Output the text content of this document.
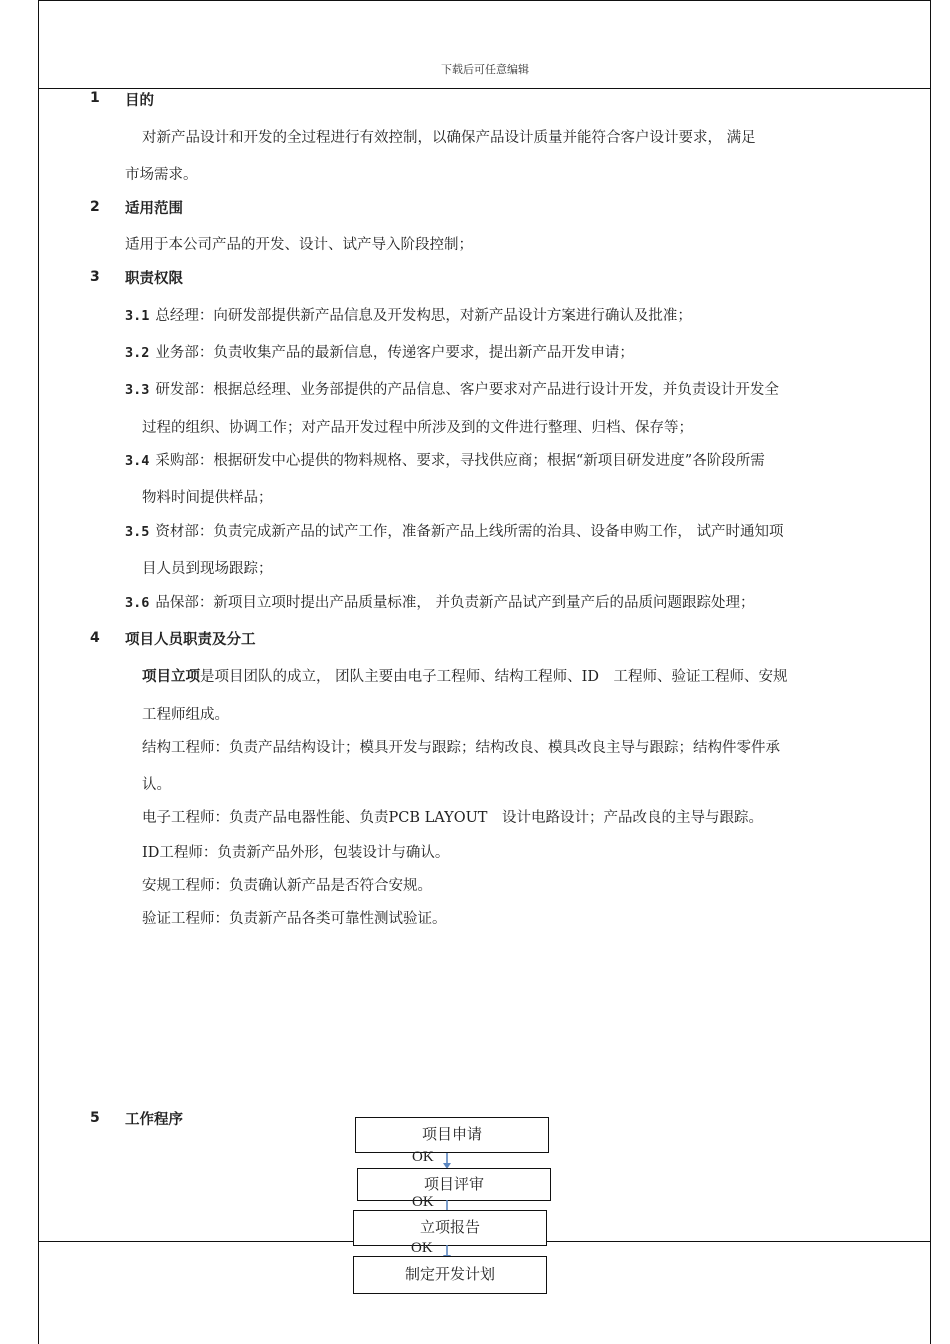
下载后可任意编辑
1 目的
对新产品设计和开发的全过程进行有效控制，以确保产品设计质量并能符合客户设计要求， 满足
市场需求。
2 适用范围
适用于本公司产品的开发、设计、试产导入阶段控制；
3 职责权限
3.1 总经理：向研发部提供新产品信息及开发构思，对新产品设计方案进行确认及批准；
3.2 业务部：负责收集产品的最新信息，传递客户要求，提出新产品开发申请；
3.3 研发部：根据总经理、业务部提供的产品信息、客户要求对产品进行设计开发，并负责设计开发全
过程的组织、协调工作；对产品开发过程中所涉及到的文件进行整理、归档、保存等；
3.4 采购部：根据研发中心提供的物料规格、要求，寻找供应商；根据“新项目研发进度”各阶段所需
物料时间提供样品；
3.5 资材部：负责完成新产品的试产工作，准备新产品上线所需的治具、设备申购工作， 试产时通知项
目人员到现场跟踪；
3.6 品保部：新项目立项时提出产品质量标准， 并负责新产品试产到量产后的品质问题跟踪处理；
4 项目人员职责及分工
项目立项是项目团队的成立， 团队主要由电子工程师、结构工程师、ID　工程师、验证工程师、安规
工程师组成。
结构工程师：负责产品结构设计；模具开发与跟踪；结构改良、模具改良主导与跟踪；结构件零件承
认。
电子工程师：负责产品电器性能、负责PCB LAYOUT　设计电路设计；产品改良的主导与跟踪。
ID工程师：负责新产品外形，包装设计与确认。
安规工程师：负责确认新产品是否符合安规。
验证工程师：负责新产品各类可靠性测试验证。
5 工作程序
项目申请
OK
项目评审
OK
立项报告
OK
制定开发计划
